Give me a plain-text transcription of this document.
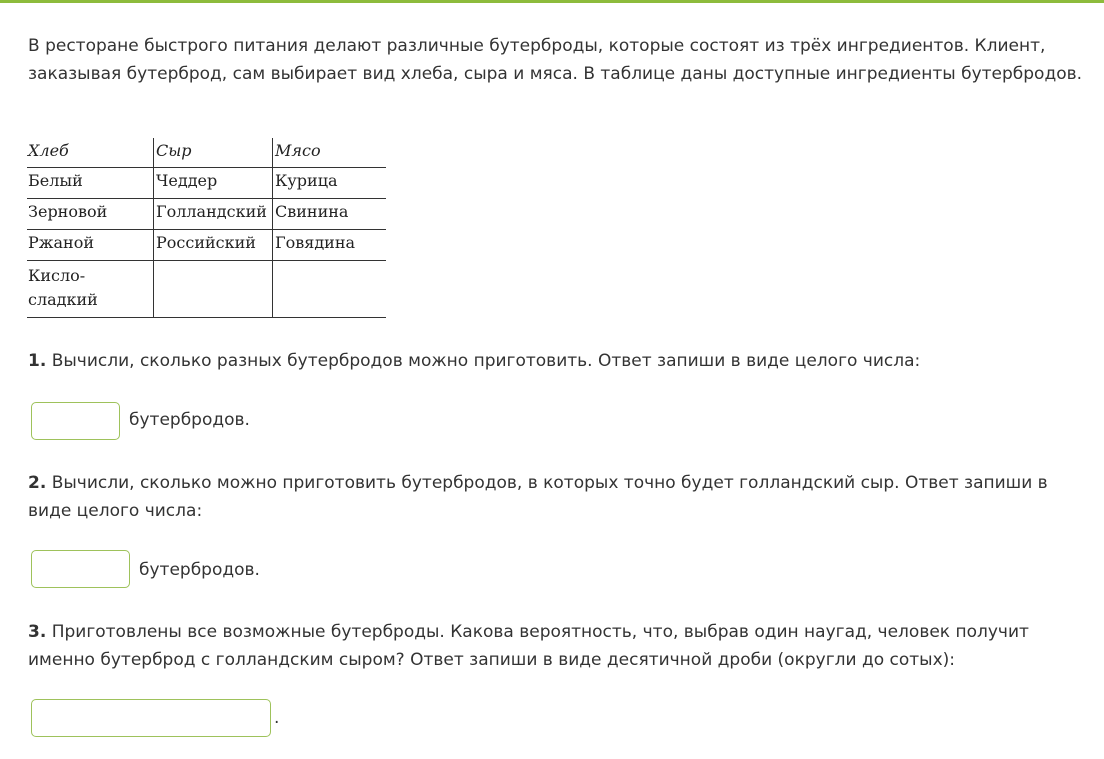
В ресторане быстрого питания делают различные бутерброды, которые состоят из трёх ингредиентов. Клиент, заказывая бутерброд, сам выбирает вид хлеба, сыра и мяса. В таблице даны доступные ингредиенты бутербродов.

Хлеб	Сыр	Мясо
Белый	Чеддер	Курица
Зерновой	Голландский	Свинина
Ржаной	Российский	Говядина
Кисло-сладкий		

1. Вычисли, сколько разных бутербродов можно приготовить. Ответ запиши в виде целого числа:

бутербродов.

2. Вычисли, сколько можно приготовить бутербродов, в которых точно будет голландский сыр. Ответ запиши в виде целого числа:

бутербродов.

3. Приготовлены все возможные бутерброды. Какова вероятность, что, выбрав один наугад, человек получит именно бутерброд с голландским сыром? Ответ запиши в виде десятичной дроби (округли до сотых):

.
